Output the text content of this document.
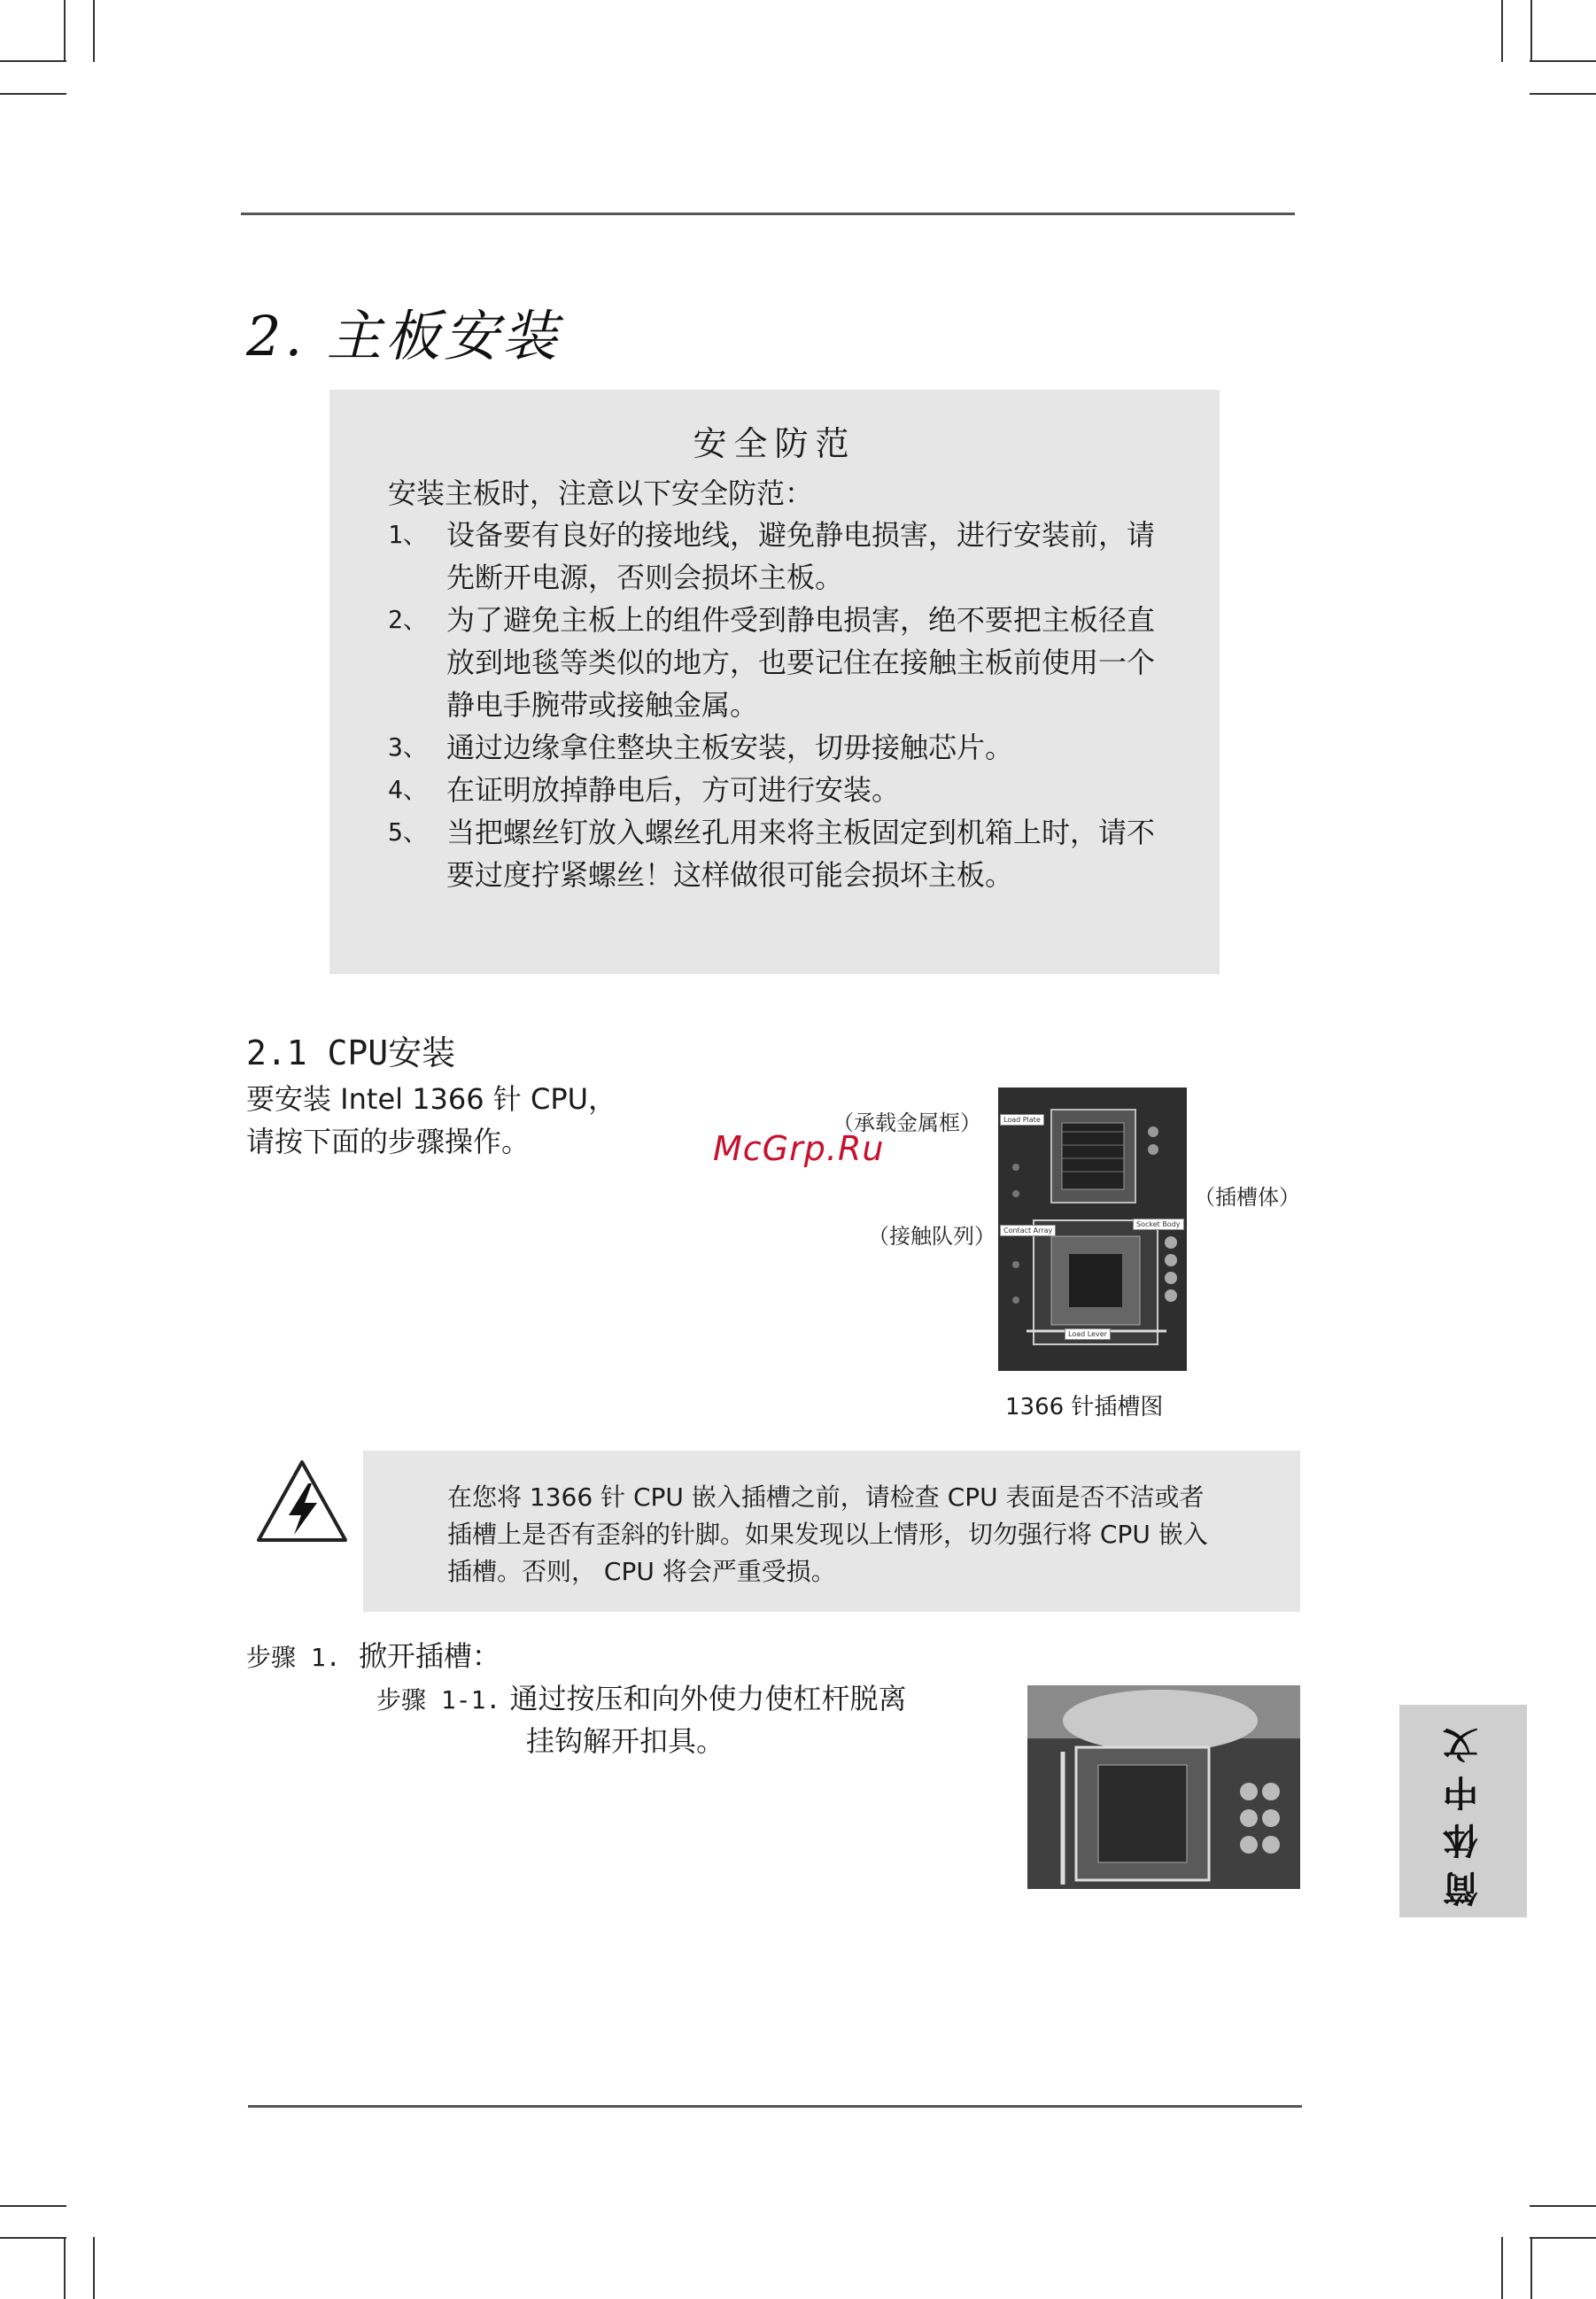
2. 主板安装
安全防范
安装主板时，注意以下安全防范：
1、 设备要有良好的接地线，避免静电损害，进行安装前，请先断开电源，否则会损坏主板。
2、 为了避免主板上的组件受到静电损害，绝不要把主板径直放到地毯等类似的地方，也要记住在接触主板前使用一个静电手腕带或接触金属。
3、 通过边缘拿住整块主板安装，切毋接触芯片。
4、 在证明放掉静电后，方可进行安装。
5、 当把螺丝钉放入螺丝孔用来将主板固定到机箱上时，请不要过度拧紧螺丝！这样做很可能会损坏主板。
2.1 CPU安装
要安装 Intel 1366 针 CPU，
请按下面的步骤操作。
Load Plate
Socket Body
Contact Array
Load Lever
（承载金属框）
（插槽体）
（接触队列）
1366 针插槽图
McGrp.Ru
在您将 1366 针 CPU 嵌入插槽之前，请检查 CPU 表面是否不洁或者插槽上是否有歪斜的针脚。如果发现以上情形，切勿强行将 CPU 嵌入插槽。否则， CPU 将会严重受损。
步骤 1. 掀开插槽：
步骤 1-1. 通过按压和向外使力使杠杆脱离
挂钩解开扣具。	简体中文
